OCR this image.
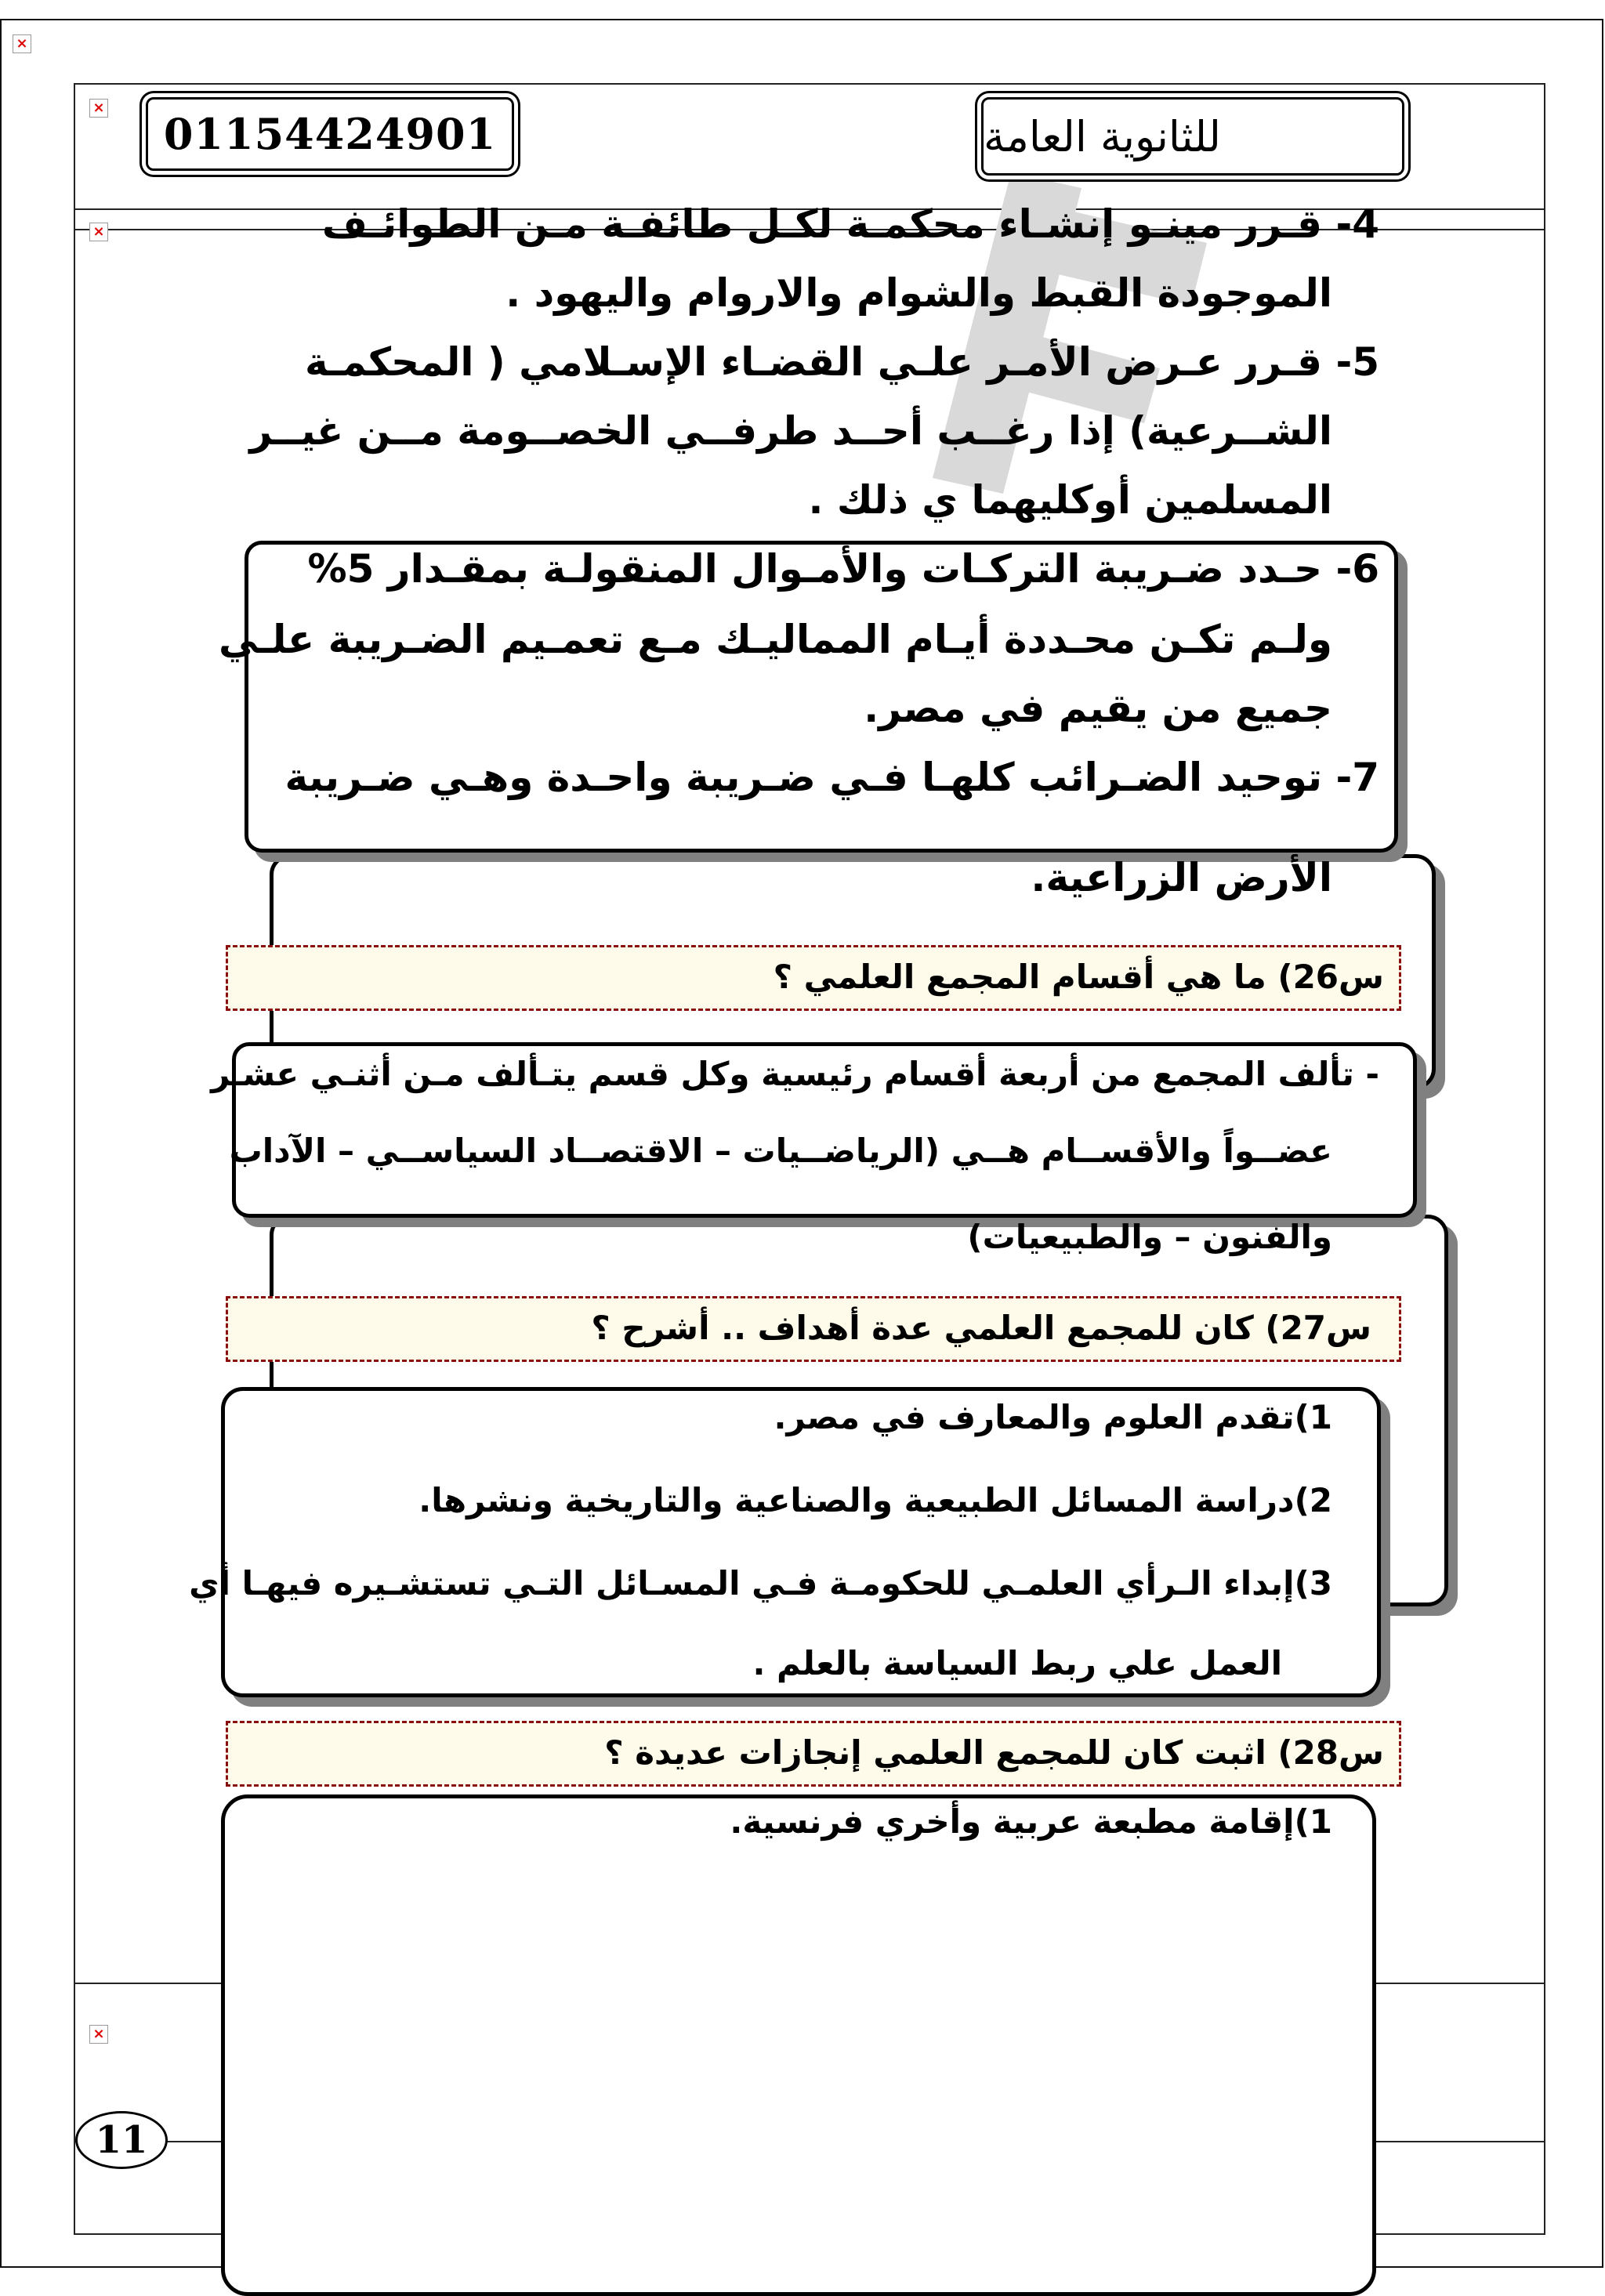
×
×
×
×
01154424901	للثانوية العامة
4- قـرر مينـو إنشـاء محكمـة لكـل طائفـة مـن الطوائـف
الموجودة القبط والشوام والاروام واليهود .
5- قـرر عـرض الأمـر علـي القضـاء الإسـلامي ( المحكمـة
الشــرعية) إذا رغــب أحــد طرفــي الخصــومة مــن غيــر
المسلمين أوكليهما ي ذلك .
6- حـدد ضـريبة التركـات والأمـوال المنقولـة بمقـدار 5%
ولـم تكـن محـددة أيـام المماليـك مـع تعمـيم الضـريبة علـي
جميع من يقيم في مصر.
7- توحيد الضـرائب كلهـا فـي ضـريبة واحـدة وهـي ضـريبة
الأرض الزراعية.
س26) ما هي أقسام المجمع العلمي ؟
- تألف المجمع من أربعة أقسام رئيسية وكل قسم يتـألف مـن أثنـي عشـر
عضــواً والأقســام هــي (الرياضــيات – الاقتصــاد السياســي – الآداب
والفنون – والطبيعيات)
س27) كان للمجمع العلمي عدة أهداف .. أشرح ؟
1)تقدم العلوم والمعارف في مصر.
2)دراسة المسائل الطبيعية والصناعية والتاريخية ونشرها.
3)إبداء الـرأي العلمـي للحكومـة فـي المسـائل التـي تستشـيره فيهـا أي
العمل علي ربط السياسة بالعلم .
س28) اثبت كان للمجمع العلمي إنجازات عديدة ؟
1)إقامة مطبعة عربية وأخري فرنسية.
11
